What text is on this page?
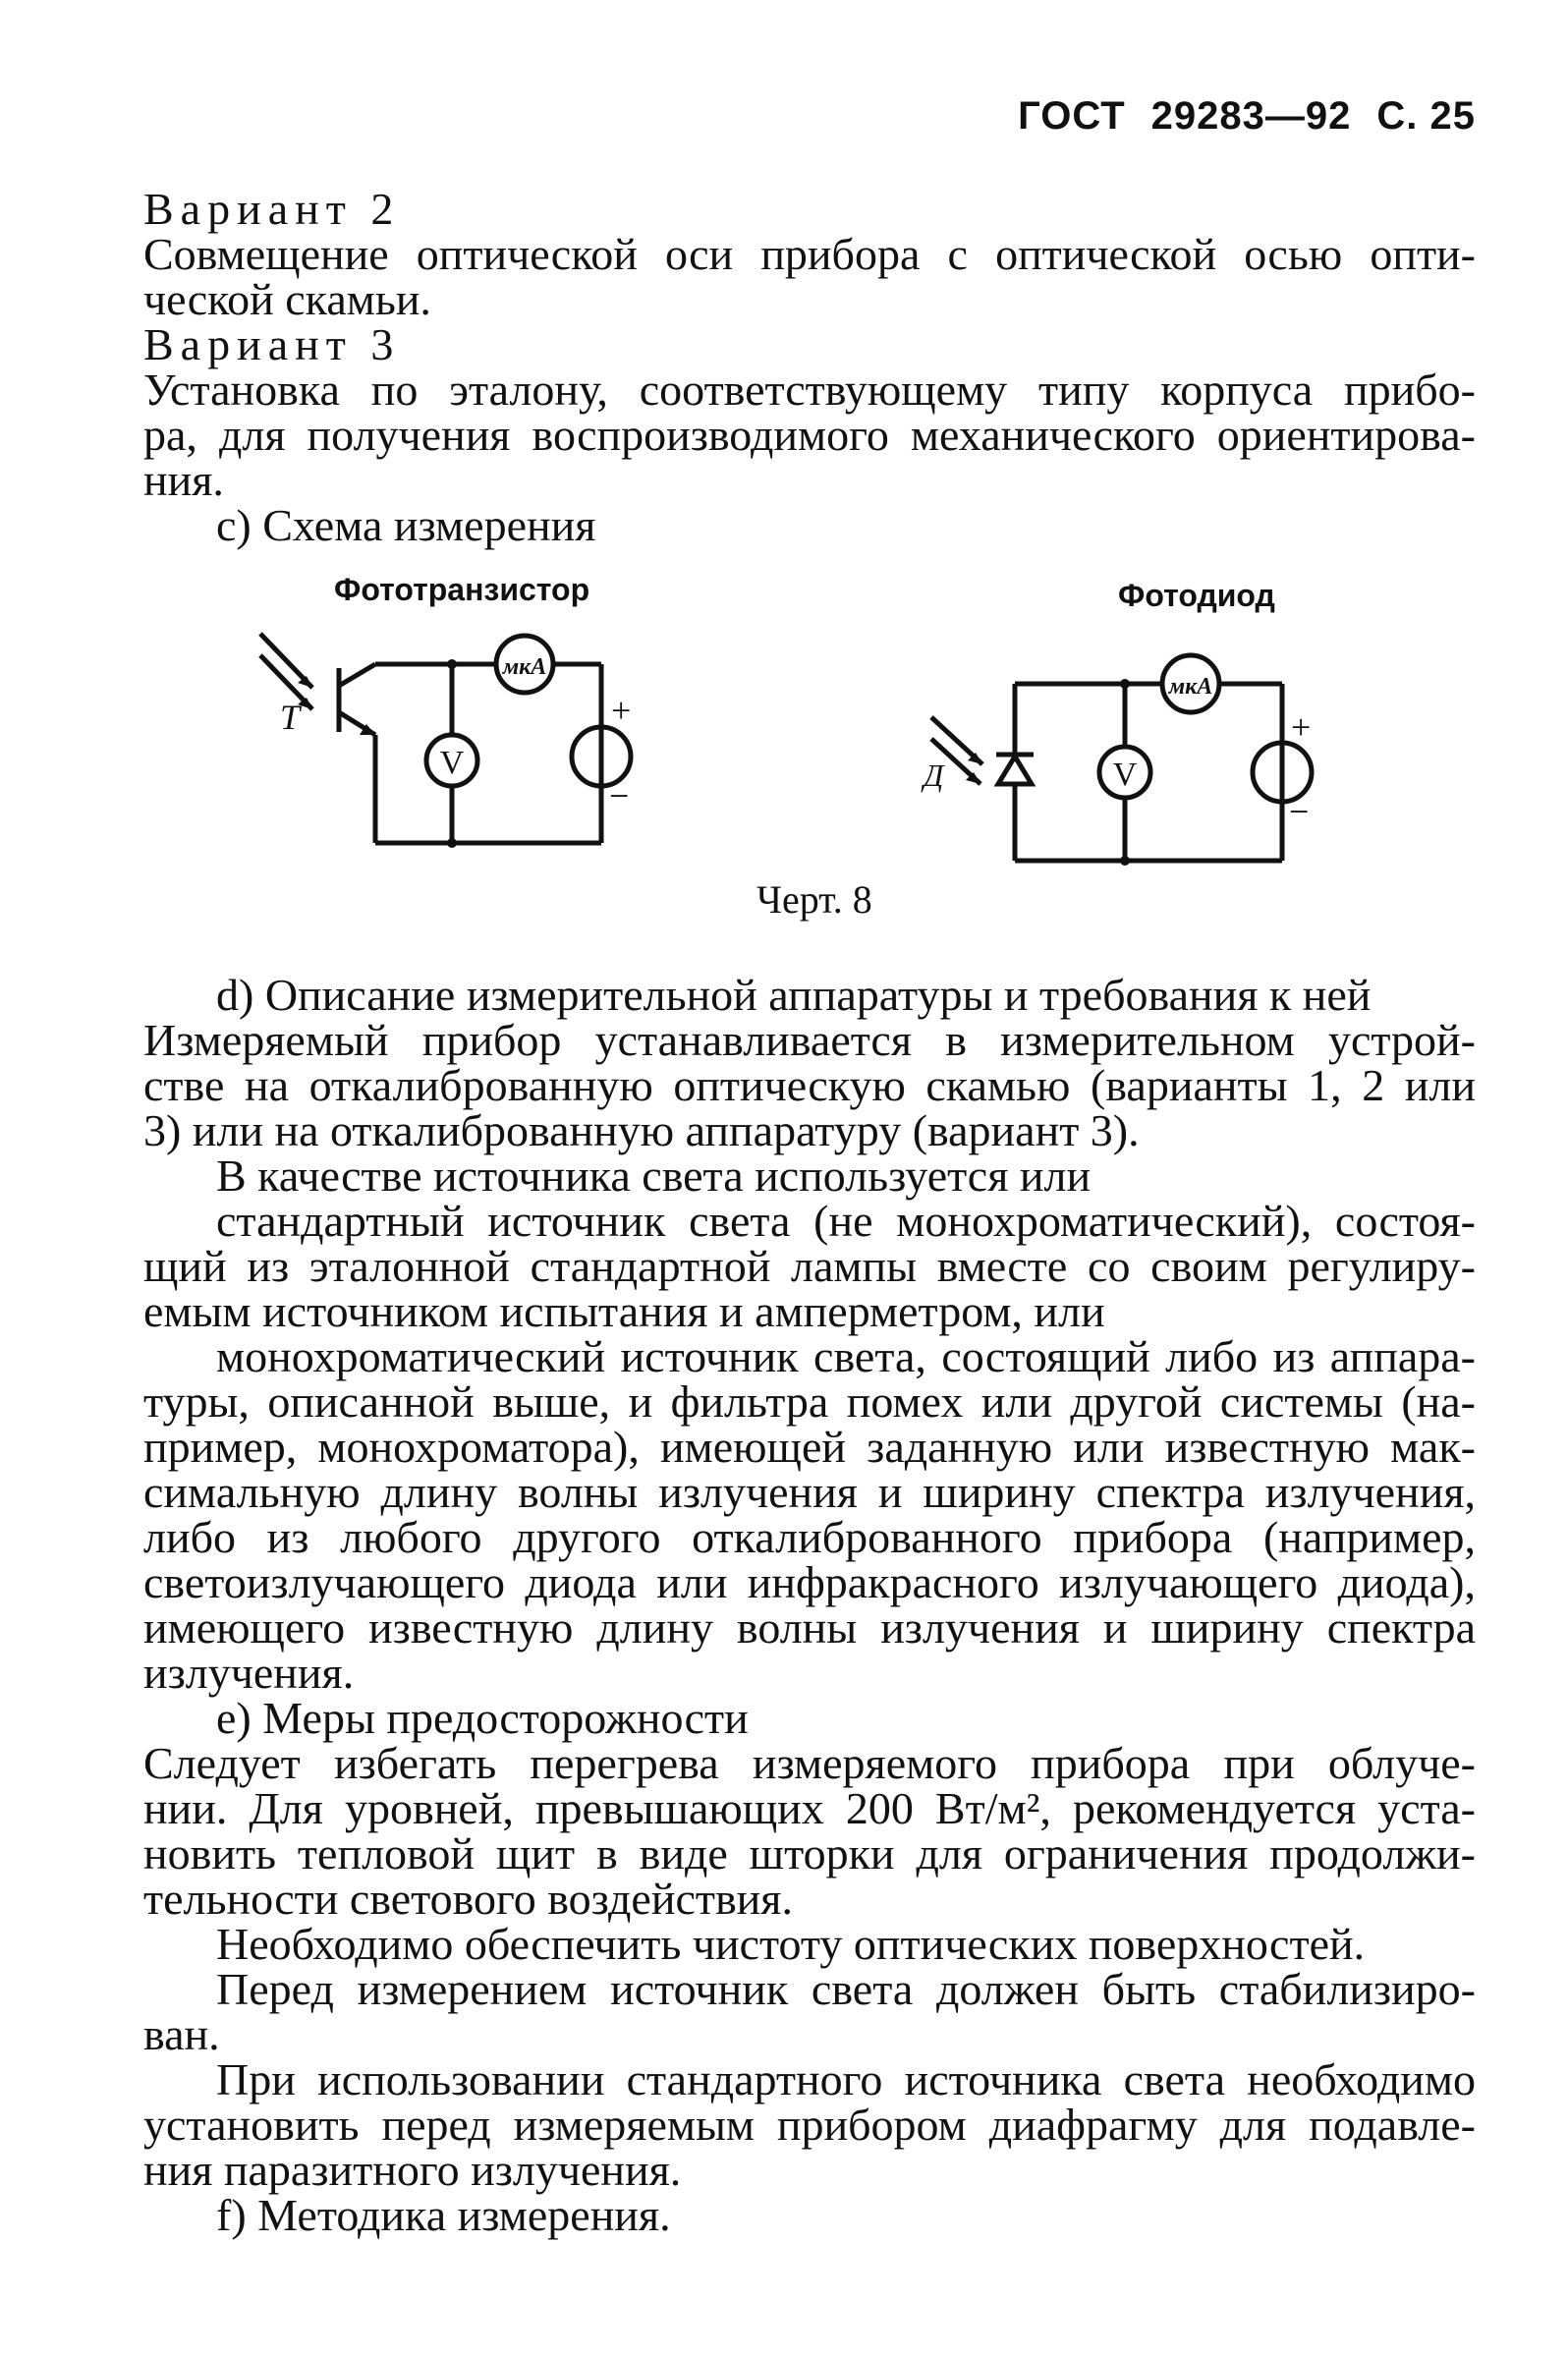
ГОСТ 29283—92 С. 25
Вариант 2
Совмещение оптической оси прибора с оптической осью опти-
ческой скамьи.
Вариант 3
Установка по эталону, соответствующему типу корпуса прибо-
ра, для получения воспроизводимого механического ориентирова-
ния.
с) Схема измерения
Фототранзистор	Фотодиод
T
мкА
+
−
V	Д
мкА
+
−
V
Черт. 8
d) Описание измерительной аппаратуры и требования к ней
Измеряемый прибор устанавливается в измерительном устрой-
стве на откалиброванную оптическую скамью (варианты 1, 2 или
3) или на откалиброванную аппаратуру (вариант 3).
В качестве источника света используется или
стандартный источник света (не монохроматический), состоя-
щий из эталонной стандартной лампы вместе со своим регулиру-
емым источником испытания и амперметром, или
монохроматический источник света, состоящий либо из аппара-
туры, описанной выше, и фильтра помех или другой системы (на-
пример, монохроматора), имеющей заданную или известную мак-
симальную длину волны излучения и ширину спектра излучения,
либо из любого другого откалиброванного прибора (например,
светоизлучающего диода или инфракрасного излучающего диода),
имеющего известную длину волны излучения и ширину спектра
излучения.
е) Меры предосторожности
Следует избегать перегрева измеряемого прибора при облуче-
нии. Для уровней, превышающих 200 Вт/м², рекомендуется уста-
новить тепловой щит в виде шторки для ограничения продолжи-
тельности светового воздействия.
Необходимо обеспечить чистоту оптических поверхностей.
Перед измерением источник света должен быть стабилизиро-
ван.
При использовании стандартного источника света необходимо
установить перед измеряемым прибором диафрагму для подавле-
ния паразитного излучения.
f) Методика измерения.
